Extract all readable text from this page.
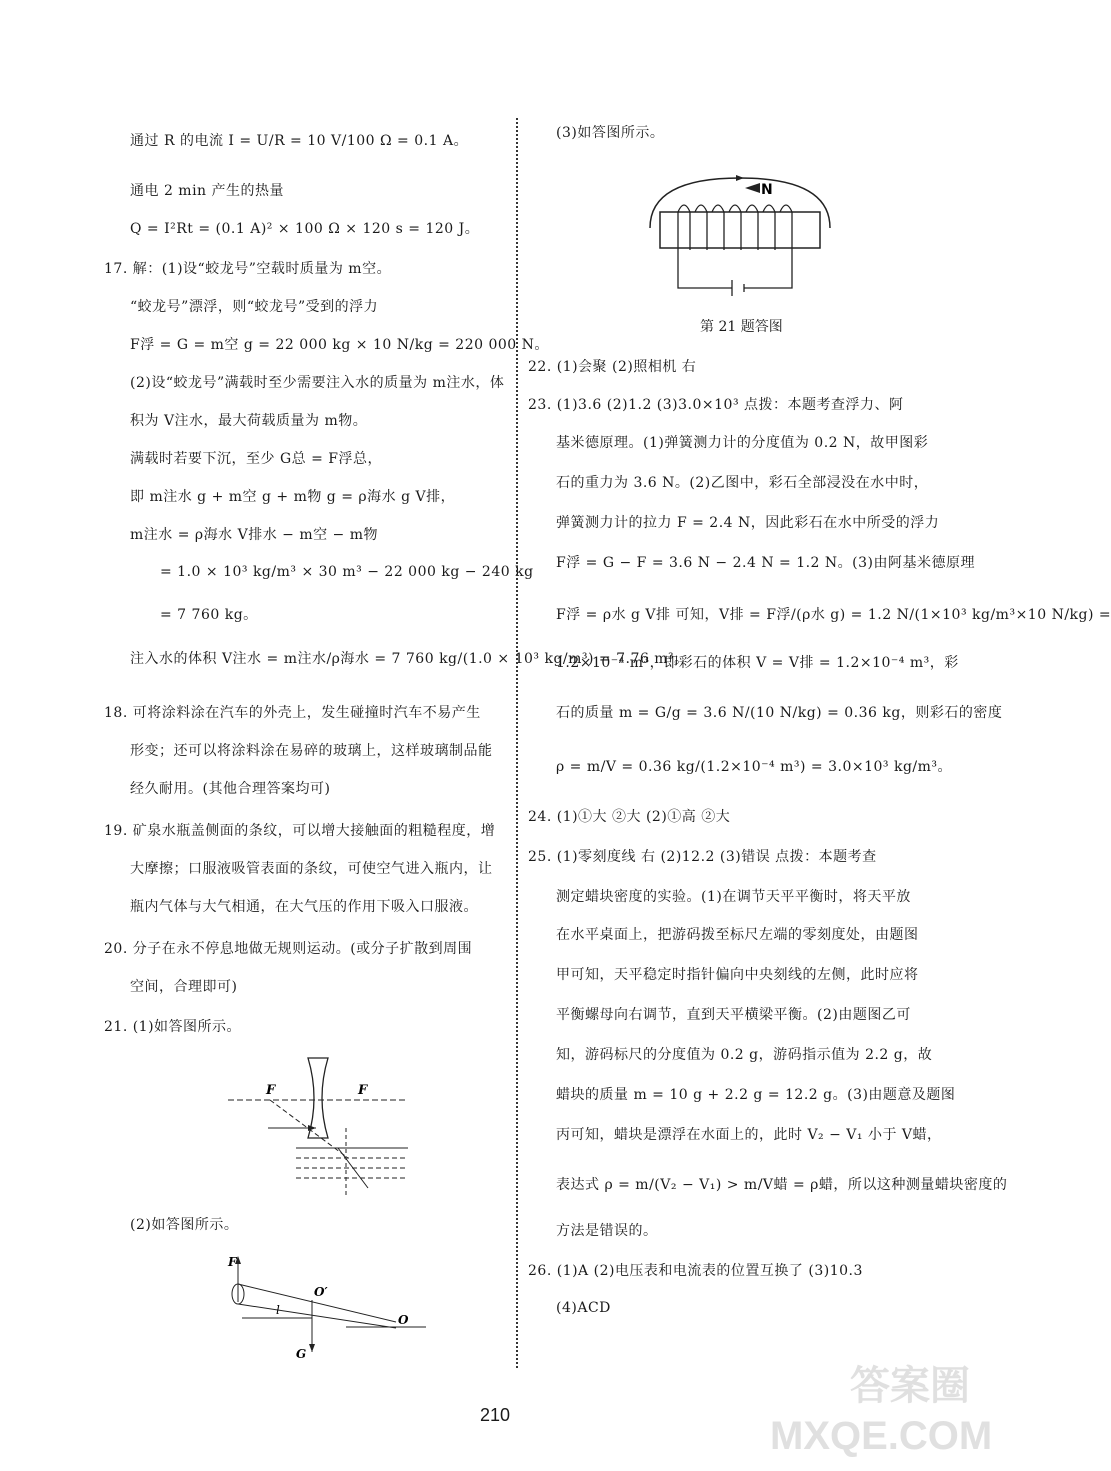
通过 R 的电流 I = U/R = 10 V/100 Ω = 0.1 A。
通电 2 min 产生的热量
Q = I²Rt = (0.1 A)² × 100 Ω × 120 s = 120 J。
17. 解：(1)设“蛟龙号”空载时质量为 m空。
“蛟龙号”漂浮，则“蛟龙号”受到的浮力
F浮 = G = m空 g = 22 000 kg × 10 N/kg = 220 000 N。
(2)设“蛟龙号”满载时至少需要注入水的质量为 m注水，体
积为 V注水，最大荷载质量为 m物。
满载时若要下沉，至少 G总 = F浮总，
即 m注水 g + m空 g + m物 g = ρ海水 g V排，
m注水 = ρ海水 V排水 − m空 − m物
= 1.0 × 10³ kg/m³ × 30 m³ − 22 000 kg − 240 kg
= 7 760 kg。
注入水的体积 V注水 = m注水/ρ海水 = 7 760 kg/(1.0 × 10³ kg/m³) = 7.76 m³。
18. 可将涂料涂在汽车的外壳上，发生碰撞时汽车不易产生
形变；还可以将涂料涂在易碎的玻璃上，这样玻璃制品能
经久耐用。(其他合理答案均可)
19. 矿泉水瓶盖侧面的条纹，可以增大接触面的粗糙程度，增
大摩擦；口服液吸管表面的条纹，可使空气进入瓶内，让
瓶内气体与大气相通，在大气压的作用下吸入口服液。
20. 分子在永不停息地做无规则运动。(或分子扩散到周围
空间，合理即可)
21. (1)如答图所示。
(2)如答图所示。
(3)如答图所示。
22. (1)会聚 (2)照相机 右
23. (1)3.6 (2)1.2 (3)3.0×10³ 点拨：本题考查浮力、阿
基米德原理。(1)弹簧测力计的分度值为 0.2 N，故甲图彩
石的重力为 3.6 N。(2)乙图中，彩石全部浸没在水中时，
弹簧测力计的拉力 F = 2.4 N，因此彩石在水中所受的浮力
F浮 = G − F = 3.6 N − 2.4 N = 1.2 N。(3)由阿基米德原理
F浮 = ρ水 g V排 可知，V排 = F浮/(ρ水 g) = 1.2 N/(1×10³ kg/m³×10 N/kg) =
1.2×10⁻⁴ m³，即彩石的体积 V = V排 = 1.2×10⁻⁴ m³，彩
石的质量 m = G/g = 3.6 N/(10 N/kg) = 0.36 kg，则彩石的密度
ρ = m/V = 0.36 kg/(1.2×10⁻⁴ m³) = 3.0×10³ kg/m³。
24. (1)①大 ②大 (2)①高 ②大
25. (1)零刻度线 右 (2)12.2 (3)错误 点拨：本题考查
测定蜡块密度的实验。(1)在调节天平平衡时，将天平放
在水平桌面上，把游码拨至标尺左端的零刻度处，由题图
甲可知，天平稳定时指针偏向中央刻线的左侧，此时应将
平衡螺母向右调节，直到天平横梁平衡。(2)由题图乙可
知，游码标尺的分度值为 0.2 g，游码指示值为 2.2 g，故
蜡块的质量 m = 10 g + 2.2 g = 12.2 g。(3)由题意及题图
丙可知，蜡块是漂浮在水面上的，此时 V₂ − V₁ 小于 V蜡，
表达式 ρ = m/(V₂ − V₁) > m/V蜡 = ρ蜡，所以这种测量蜡块密度的
方法是错误的。
26. (1)A (2)电压表和电流表的位置互换了 (3)10.3
(4)ACD
N
第 21 题答图
F	F
F
O′
O
G
l
210
答案圈 MXQE.COM
